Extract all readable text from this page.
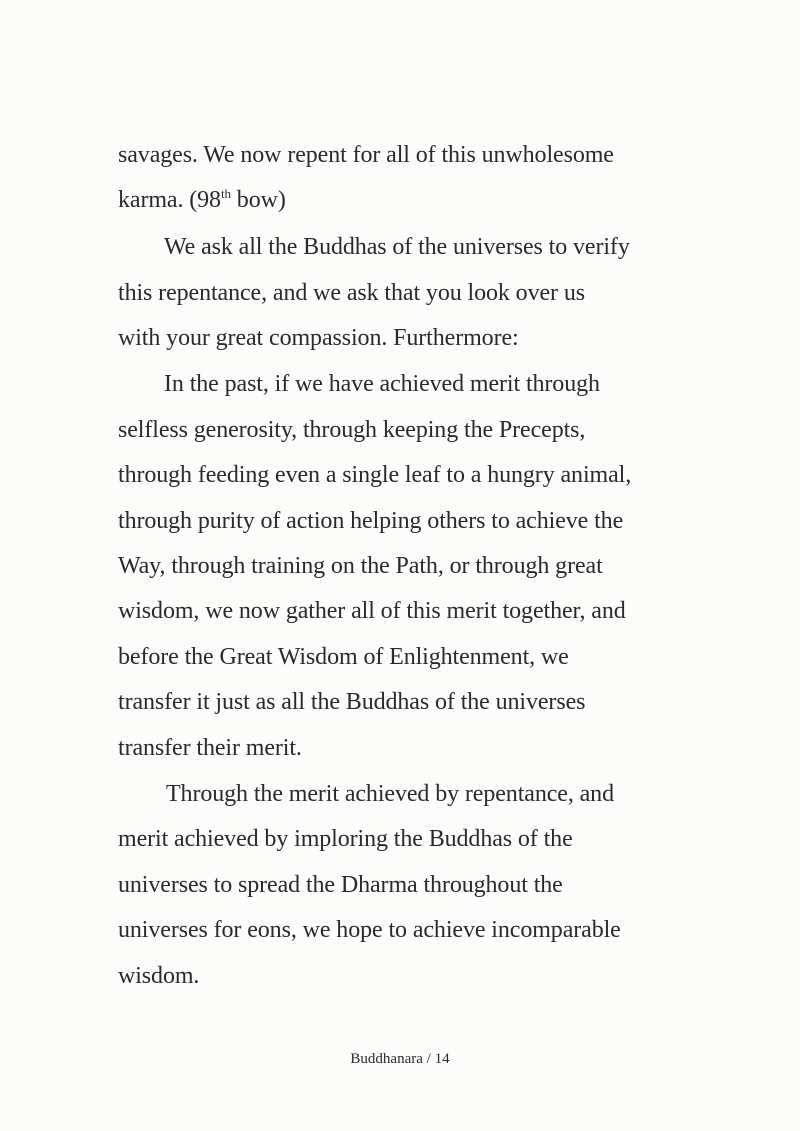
savages. We now repent for all of this unwholesome
karma. (98th bow)
We ask all the Buddhas of the universes to verify
this repentance, and we ask that you look over us
with your great compassion. Furthermore:
In the past, if we have achieved merit through
selfless generosity, through keeping the Precepts,
through feeding even a single leaf to a hungry animal,
through purity of action helping others to achieve the
Way, through training on the Path, or through great
wisdom, we now gather all of this merit together, and
before the Great Wisdom of Enlightenment, we
transfer it just as all the Buddhas of the universes
transfer their merit.
Through the merit achieved by repentance, and
merit achieved by imploring the Buddhas of the
universes to spread the Dharma throughout the
universes for eons, we hope to achieve incomparable
wisdom.
Buddhanara / 14
